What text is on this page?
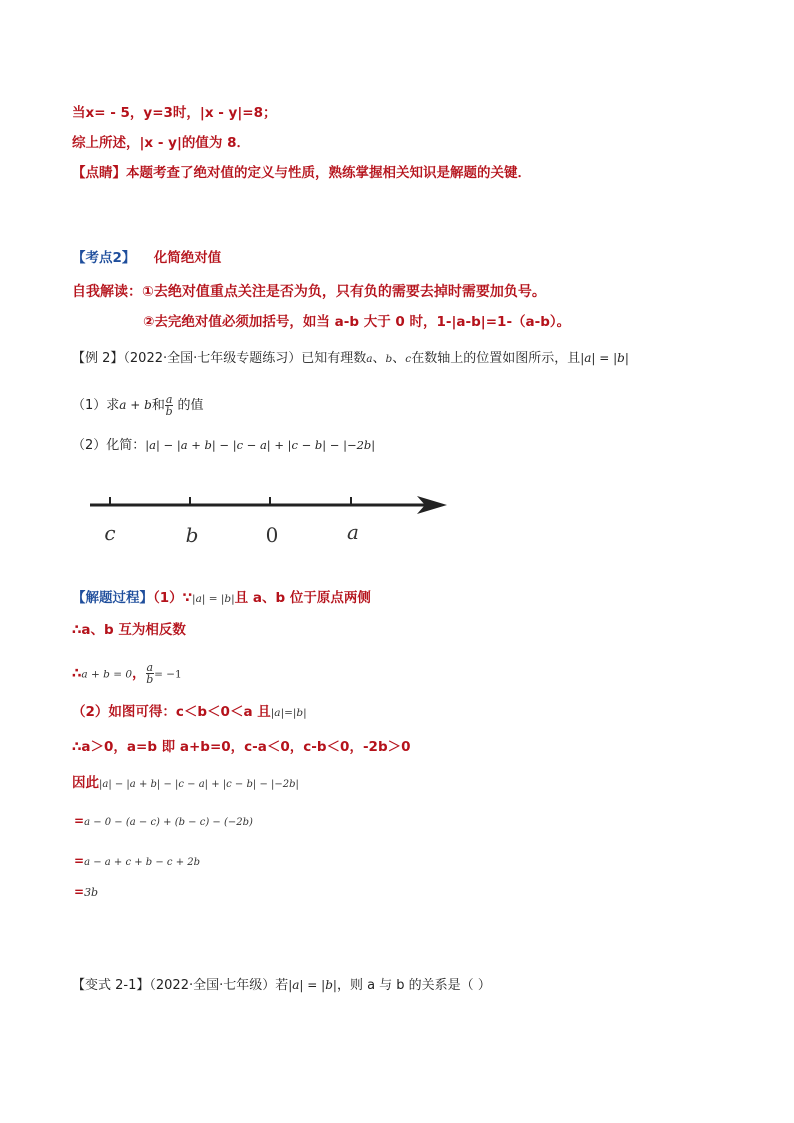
当x= - 5，y=3时，|x - y|=8；
综上所述，|x - y|的值为 8．
【点睛】本题考查了绝对值的定义与性质，熟练掌握相关知识是解题的关键．
【考点2】 化简绝对值
自我解读：①去绝对值重点关注是否为负，只有负的需要去掉时需要加负号。
②去完绝对值必须加括号，如当 a-b 大于 0 时，1-|a-b|=1-（a-b）。
【例 2】（2022·全国·七年级专题练习）已知有理数a、b、c在数轴上的位置如图所示，且|a| = |b|
（1）求a + b和 $\frac{a}{b}$ 的值
（2）化简：|a| − |a + b| − |c − a| + |c − b| − |−2b|
c	b	0	a
【解题过程】（1）∵|a| = |b|且 a、b 位于原点两侧
∴a、b 互为相反数
∴a + b = 0， $\frac{a}{b} = -1$
（2）如图可得：c＜b＜0＜a 且|a|=|b|
∴a＞0，a=b 即 a+b=0，c-a＜0，c-b＜0，-2b＞0
因此|a| − |a + b| − |c − a| + |c − b| − |−2b|
=a − 0 − (a − c) + (b − c) − (−2b)
=a − a + c + b − c + 2b
=3b
【变式 2-1】（2022·全国·七年级）若|a| = |b|，则 a 与 b 的关系是（ ）
